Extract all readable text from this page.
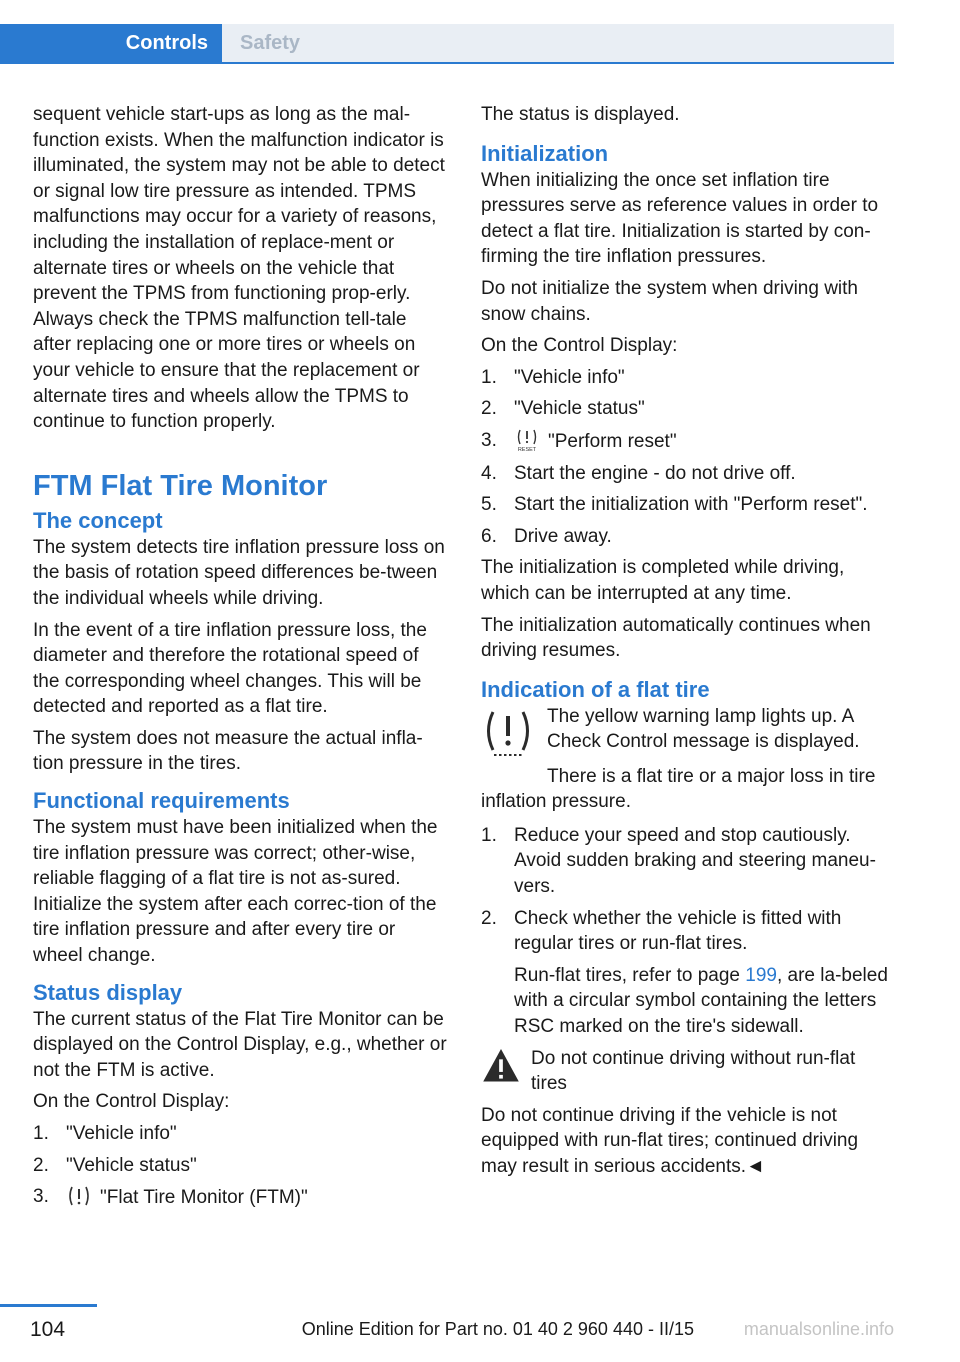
Controls	Safety

sequent vehicle start-ups as long as the mal-function exists. When the malfunction indicator is illuminated, the system may not be able to detect or signal low tire pressure as intended. TPMS malfunctions may occur for a variety of reasons, including the installation of replace-ment or alternate tires or wheels on the vehicle that prevent the TPMS from functioning prop-erly. Always check the TPMS malfunction tell-tale after replacing one or more tires or wheels on your vehicle to ensure that the replacement or alternate tires and wheels allow the TPMS to continue to function properly.

FTM Flat Tire Monitor
The concept

The system detects tire inflation pressure loss on the basis of rotation speed differences be-tween the individual wheels while driving.

In the event of a tire inflation pressure loss, the diameter and therefore the rotational speed of the corresponding wheel changes. This will be detected and reported as a flat tire.

The system does not measure the actual infla-tion pressure in the tires.

Functional requirements

The system must have been initialized when the tire inflation pressure was correct; other-wise, reliable flagging of a flat tire is not as-sured. Initialize the system after each correc-tion of the tire inflation pressure and after every tire or wheel change.

Status display

The current status of the Flat Tire Monitor can be displayed on the Control Display, e.g., whether or not the FTM is active.

On the Control Display:

1. "Vehicle info"
2. "Vehicle status"
3.	"Flat Tire Monitor (FTM)"

The status is displayed.

Initialization

When initializing the once set inflation tire pressures serve as reference values in order to detect a flat tire. Initialization is started by con-firming the tire inflation pressures.

Do not initialize the system when driving with snow chains.

On the Control Display:

1. "Vehicle info"
2. "Vehicle status"
3.	RESET "Perform reset"
4. Start the engine - do not drive off.
5. Start the initialization with "Perform reset".
6. Drive away.

The initialization is completed while driving, which can be interrupted at any time.

The initialization automatically continues when driving resumes.

Indication of a flat tire

The yellow warning lamp lights up. A Check Control message is displayed.

There is a flat tire or a major loss in tire inflation pressure.

1. Reduce your speed and stop cautiously. Avoid sudden braking and steering maneu-vers.
2. Check whether the vehicle is fitted with regular tires or run-flat tires.
Run-flat tires, refer to page 199, are la-beled with a circular symbol containing the letters RSC marked on the tire's sidewall.

Do not continue driving without run-flat tires

Do not continue driving if the vehicle is not equipped with run-flat tires; continued driving may result in serious accidents.◄

104	Online Edition for Part no. 01 40 2 960 440 - II/15	manualsonline.info
